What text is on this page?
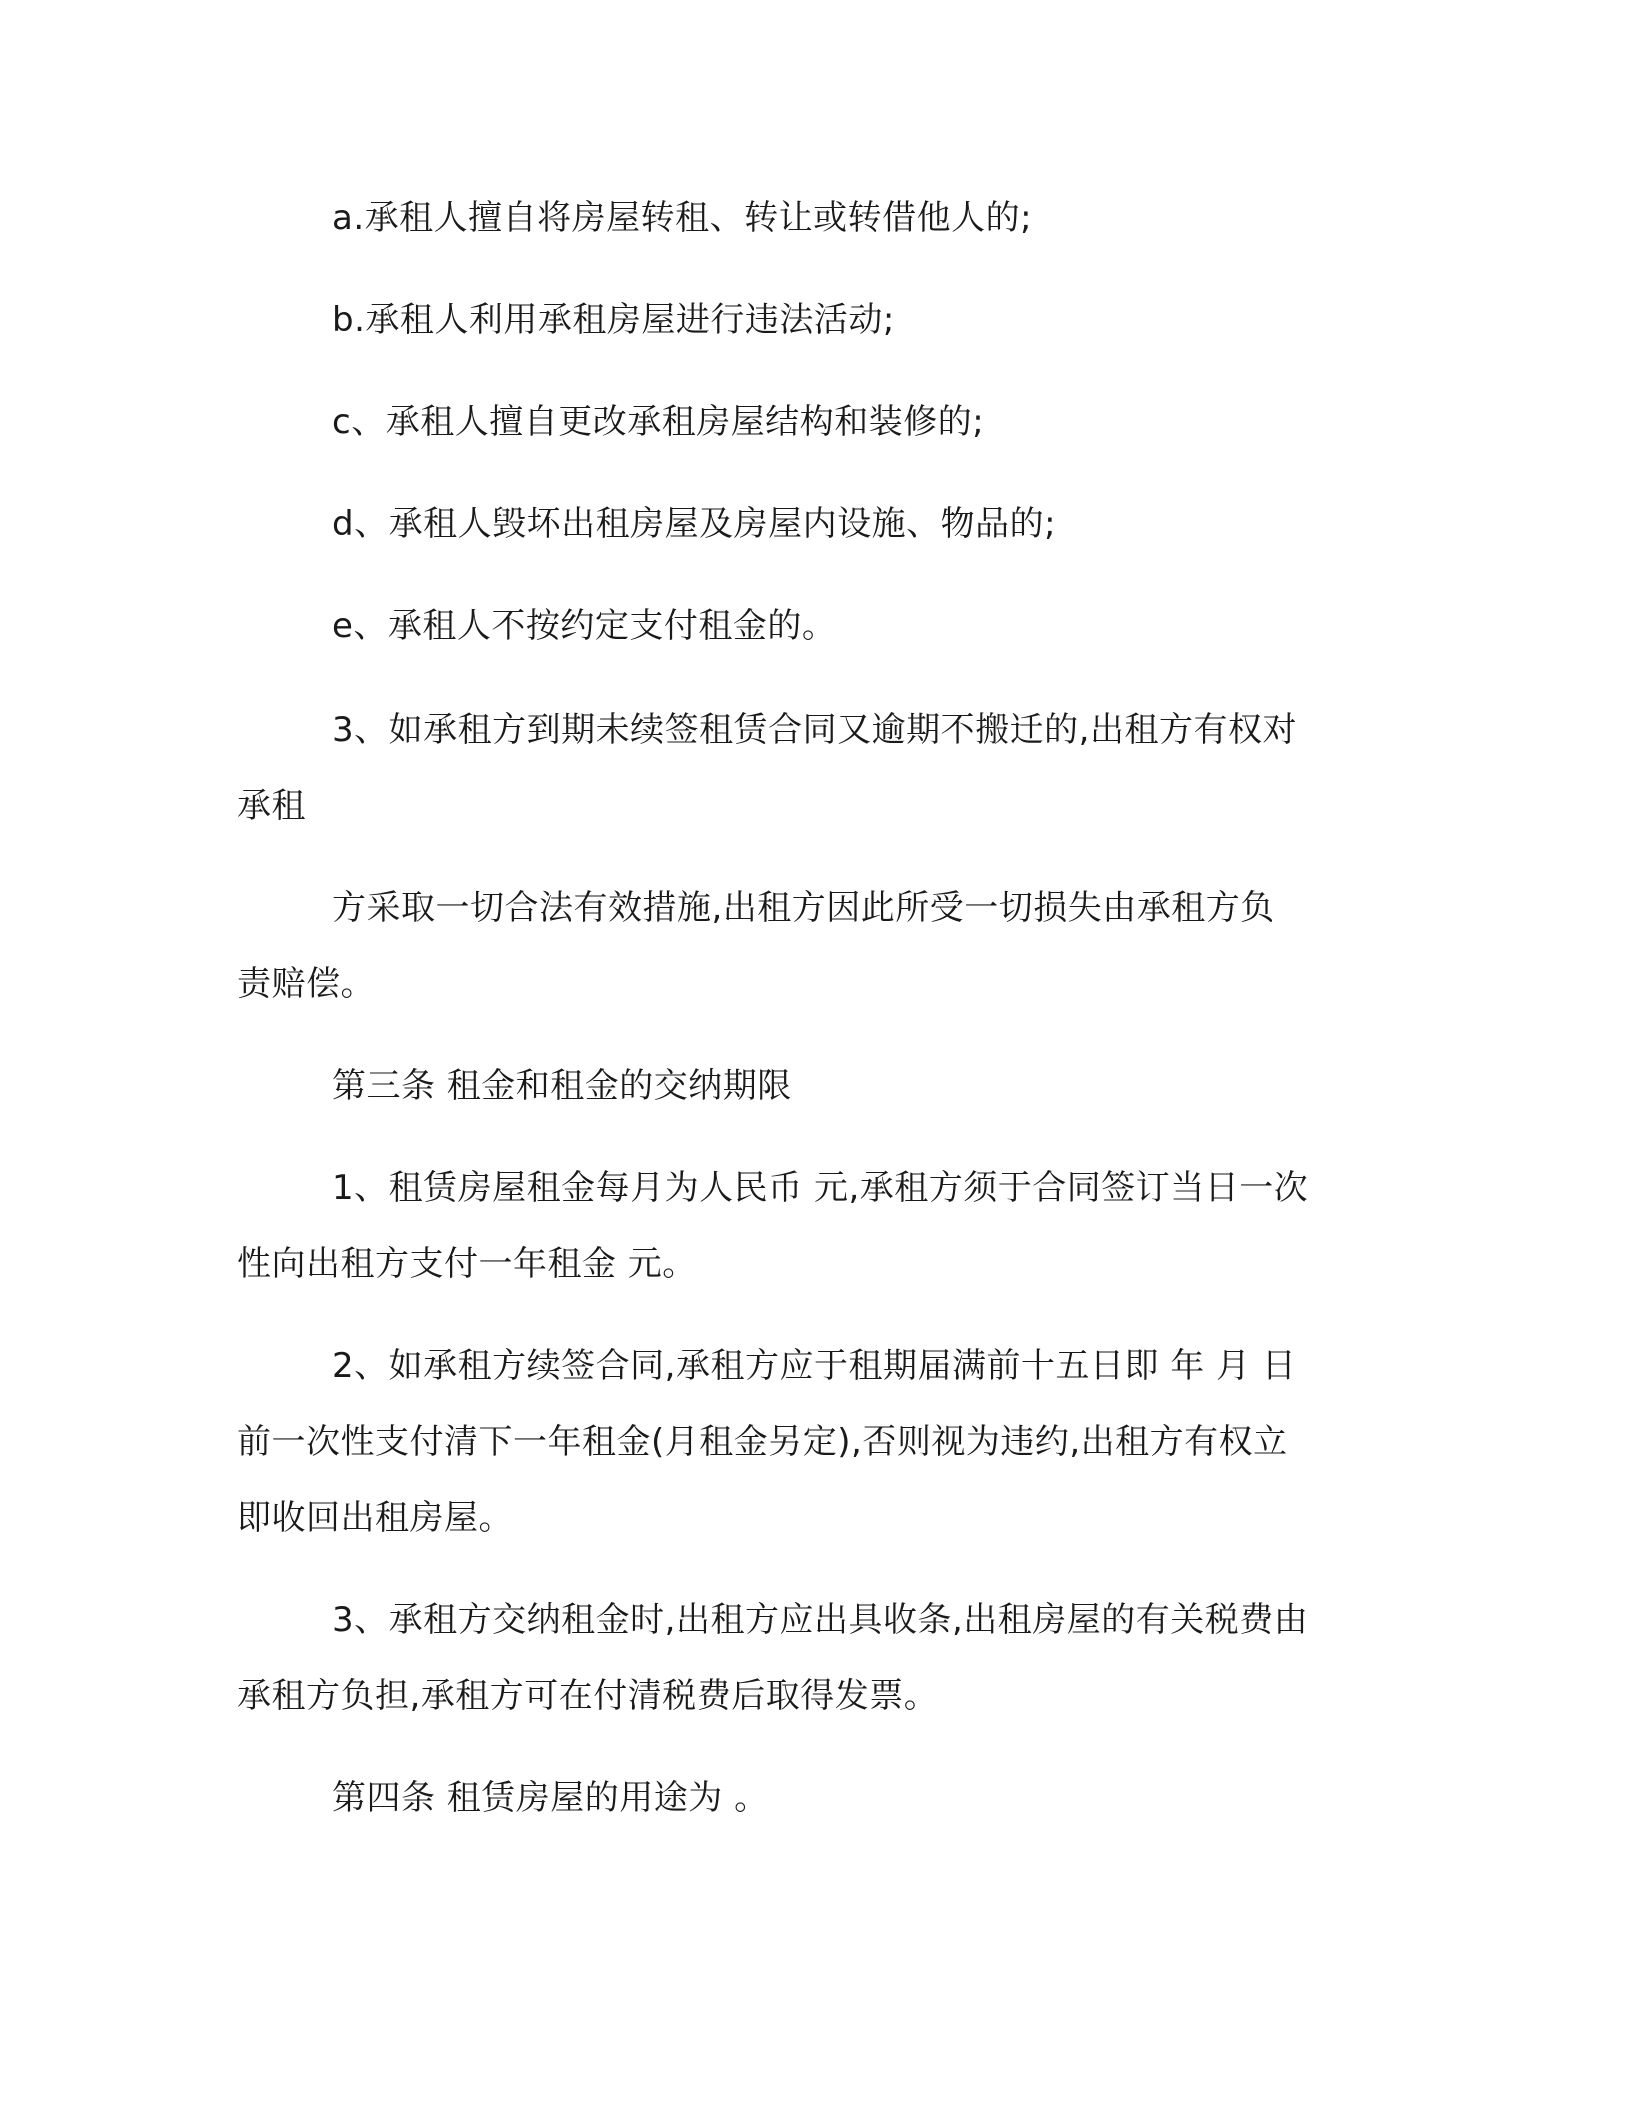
a.承租人擅自将房屋转租、转让或转借他人的;
b.承租人利用承租房屋进行违法活动;
c、承租人擅自更改承租房屋结构和装修的;
d、承租人毁坏出租房屋及房屋内设施、物品的;
e、承租人不按约定支付租金的。
3、如承租方到期未续签租赁合同又逾期不搬迁的,出租方有权对
承租
方采取一切合法有效措施,出租方因此所受一切损失由承租方负
责赔偿。
第三条 租金和租金的交纳期限
1、租赁房屋租金每月为人民币 元,承租方须于合同签订当日一次
性向出租方支付一年租金 元。
2、如承租方续签合同,承租方应于租期届满前十五日即 年 月 日
前一次性支付清下一年租金(月租金另定),否则视为违约,出租方有权立
即收回出租房屋。
3、承租方交纳租金时,出租方应出具收条,出租房屋的有关税费由
承租方负担,承租方可在付清税费后取得发票。
第四条 租赁房屋的用途为 。
